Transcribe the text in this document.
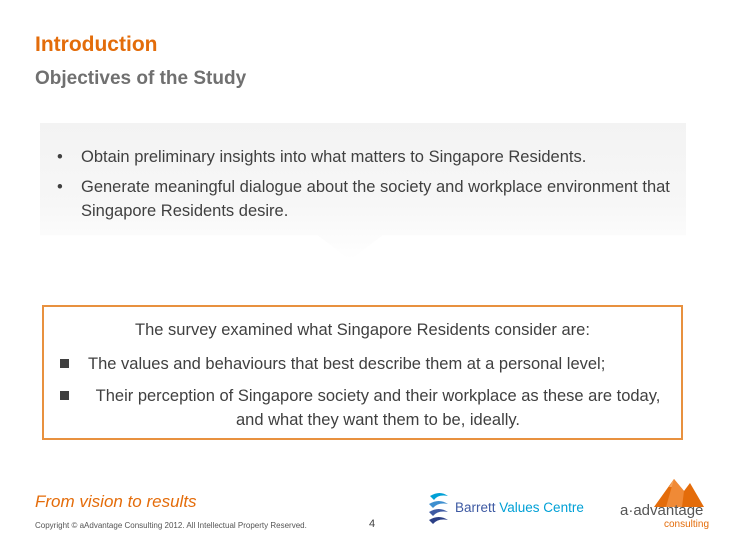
Introduction
Objectives of the Study
• Obtain preliminary insights into what matters to Singapore Residents.
• Generate meaningful dialogue about the society and workplace environment that Singapore Residents desire.
The survey examined what Singapore Residents consider are:
The values and behaviours that best describe them at a personal level;
Their perception of Singapore society and their workplace as these are today, and what they want them to be, ideally.
From vision to results
Copyright © aAdvantage Consulting 2012. All Intellectual Property Reserved.	4
Barrett Values Centre a·advantage
consulting
